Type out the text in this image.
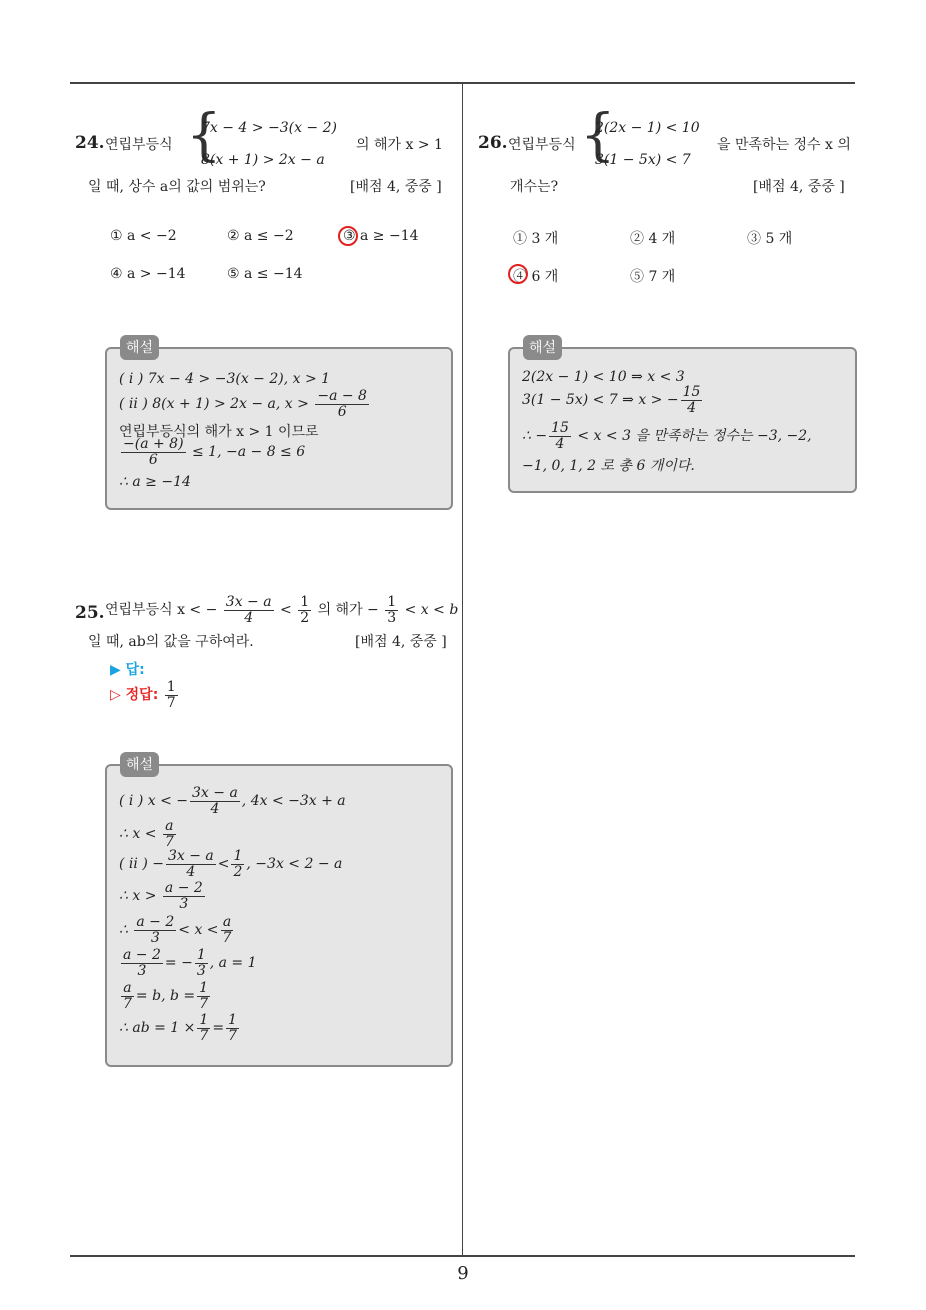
24. 연립부등식 {
7x − 4 > −3(x − 2)
8(x + 1) > 2x − a
의 해가 x > 1
일 때, 상수 a의 값의 범위는?	[배점 4, 중중 ]
① a < −2	② a ≤ −2	③ a ≥ −14
④ a > −14	⑤ a ≤ −14
( i ) 7x − 4 > −3(x − 2), x > 1
( ii ) 8(x + 1) > 2x − a, $x > \frac{-a - 8}{6}$
연립부등식의 해가 x > 1 이므로
$\frac{-(a + 8)}{6} \le 1$, −a − 8 ≤ 6
∴ a ≥ −14
해설
25. 연립부등식 x < − $\frac{3x - a}{4} < \frac{1}{2}$ 의 해가 − $\frac{1}{3} < x < b$
일 때, ab의 값을 구하여라.	[배점 4, 중중 ]
▶ 답:
▷ 정답: $\frac{1}{7}$
( i ) x < − $\frac{3x - a}{4}$ , 4x < −3x + a
∴ $x < \frac{a}{7}$
( ii ) − $\frac{3x - a}{4} < \frac{1}{2}$ , −3x < 2 − a
∴ $x > \frac{a - 2}{3}$
∴ $\frac{a - 2}{3} < x < \frac{a}{7}$
$\frac{a - 2}{3}$ = − $\frac{1}{3}$ , a = 1
$\frac{a}{7} = b$, $b = \frac{1}{7}$
∴ ab = $1 \times \frac{1}{7} = \frac{1}{7}$
해설
26. 연립부등식 {
2(2x − 1) < 10
3(1 − 5x) < 7
을 만족하는 정수 x 의
개수는?	[배점 4, 중중 ]
① 3 개	② 4 개	③ 5 개
④ 6 개	⑤ 7 개
2(2x − 1) < 10 ⇒ x < 3
3(1 − 5x) < 7 ⇒ x > − $\frac{15}{4}$
∴ − $\frac{15}{4} < x < 3$ 을 만족하는 정수는 −3, −2,
−1, 0, 1, 2 로 총 6 개이다.
해설
9
